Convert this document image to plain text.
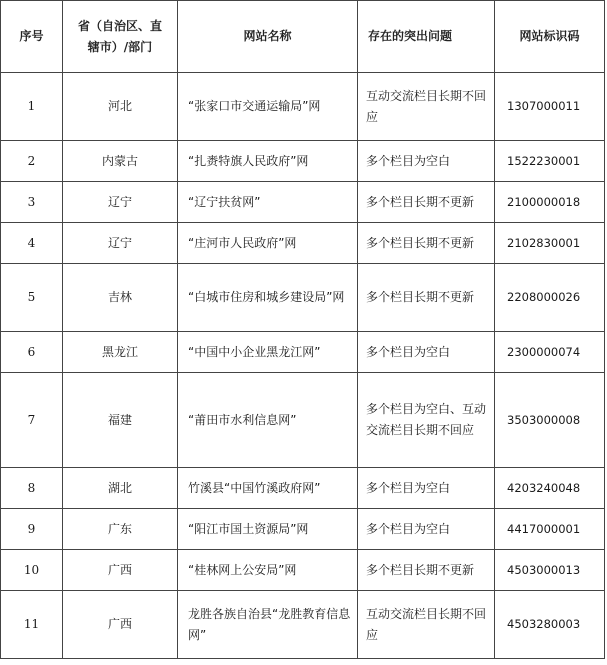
序号	省（自治区、直辖市）/部门	网站名称	存在的突出问题	网站标识码
1	河北	“张家口市交通运输局”网	互动交流栏目长期不回应	1307000011
2	内蒙古	“扎赉特旗人民政府”网	多个栏目为空白	1522230001
3	辽宁	“辽宁扶贫网”	多个栏目长期不更新	2100000018
4	辽宁	“庄河市人民政府”网	多个栏目长期不更新	2102830001
5	吉林	“白城市住房和城乡建设局”网	多个栏目长期不更新	2208000026
6	黑龙江	“中国中小企业黑龙江网”	多个栏目为空白	2300000074
7	福建	“莆田市水利信息网”	多个栏目为空白、互动交流栏目长期不回应	3503000008
8	湖北	竹溪县“中国竹溪政府网”	多个栏目为空白	4203240048
9	广东	“阳江市国土资源局”网	多个栏目为空白	4417000001
10	广西	“桂林网上公安局”网	多个栏目长期不更新	4503000013
11	广西	龙胜各族自治县“龙胜教育信息网”	互动交流栏目长期不回应	4503280003
